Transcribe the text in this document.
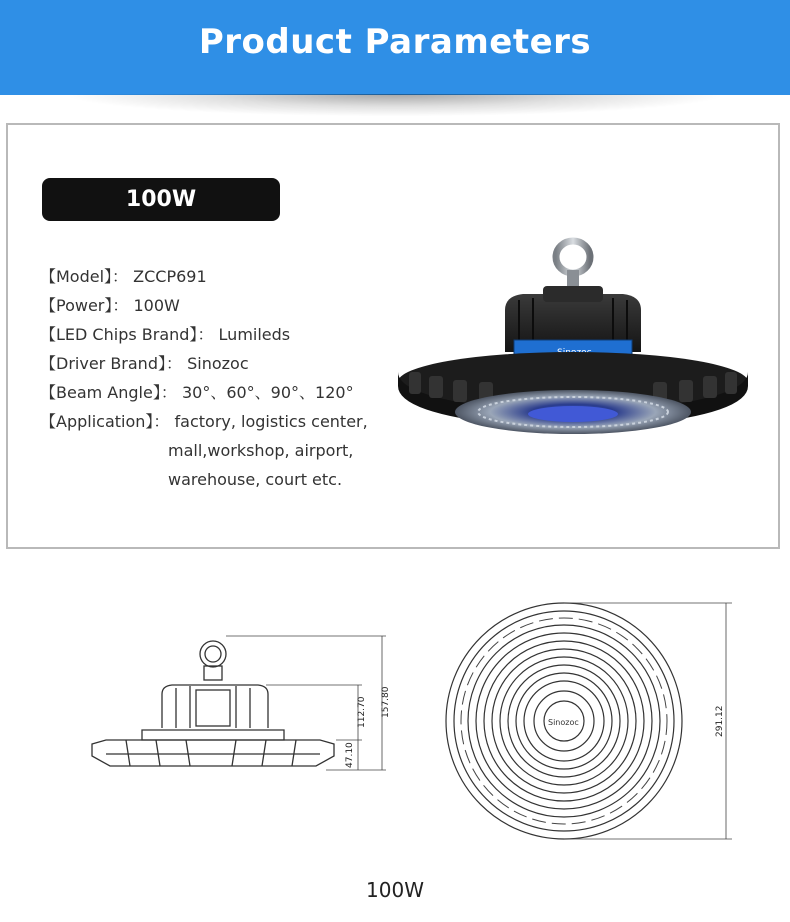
Product Parameters
100W
【Model】： ZCCP691
【Power】： 100W
【LED Chips Brand】： Lumileds
【Driver Brand】： Sinozoc
【Beam Angle】： 30°、60°、90°、120°
【Application】： factory, logistics center,
mall,workshop, airport,
warehouse, court etc.
157.80
112.70
47.10
Sinozoc	291.12
100W
